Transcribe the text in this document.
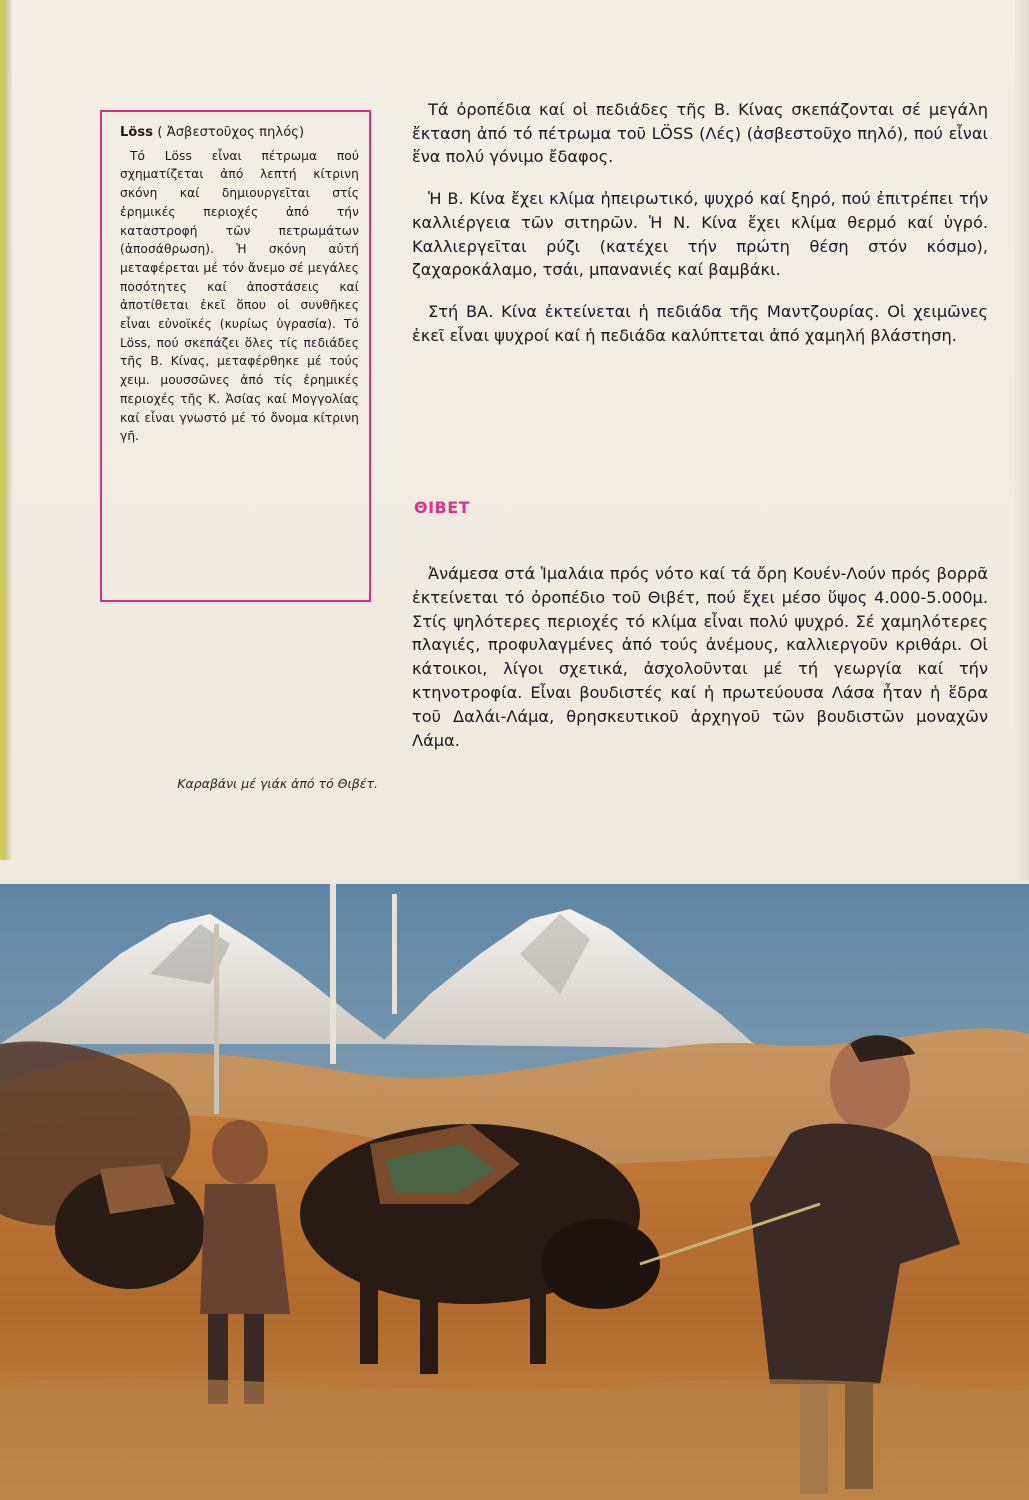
Löss ( Ἀσβεστοῦχος πηλός)

Τό Löss εἶναι πέτρωμα πού σχηματίζεται ἀπό λεπτή κίτρινη σκόνη καί δημιουργεῖται στίς ἐρημικές περιοχές ἀπό τήν καταστροφή τῶν πετρωμάτων (ἀποσάθρωση). Ἡ σκόνη αὐτή μεταφέρεται μέ τόν ἄνεμο σέ μεγάλες ποσότητες καί ἀποστάσεις καί ἀποτίθεται ἐκεῖ ὅπου οἱ συνθῆκες εἶναι εὐνοϊκές (κυρίως ὑγρασία). Τό Löss, πού σκεπάζει ὅλες τίς πεδιάδες τῆς Β. Κίνας, μεταφέρθηκε μέ τούς χειμ. μουσσῶνες ἀπό τίς ἐρημικές περιοχές τῆς Κ. Ἀσίας καί Μογγολίας καί εἶναι γνωστό μέ τό ὄνομα κίτρινη γῆ.

Καραβάνι μέ γιάκ ἀπό τό Θιβέτ.

Τά ὀροπέδια καί οἱ πεδιάδες τῆς Β. Κίνας σκεπάζονται σέ μεγάλη ἔκταση ἀπό τό πέτρωμα τοῦ LÖSS (Λές) (ἀσβεστοῦχο πηλό), πού εἶναι ἕνα πολύ γόνιμο ἔδαφος.

Ἡ Β. Κίνα ἔχει κλίμα ἠπειρωτικό, ψυχρό καί ξηρό, πού ἐπιτρέπει τήν καλλιέργεια τῶν σιτηρῶν. Ἡ Ν. Κίνα ἔχει κλίμα θερμό καί ὑγρό. Καλλιεργεῖται ρύζι (κατέχει τήν πρώτη θέση στόν κόσμο), ζαχαροκάλαμο, τσάι, μπανανιές καί βαμβάκι.

Στή ΒΑ. Κίνα ἐκτείνεται ἡ πεδιάδα τῆς Μαντζουρίας. Οἱ χειμῶνες ἐκεῖ εἶναι ψυχροί καί ἡ πεδιάδα καλύπτεται ἀπό χαμηλή βλάστηση.

ΘΙΒΕΤ

Ἀνάμεσα στά Ἱμαλάια πρός νότο καί τά ὄρη Κουέν-Λούν πρός βορρᾶ ἐκτείνεται τό ὀροπέδιο τοῦ Θιβέτ, πού ἔχει μέσο ὕψος 4.000-5.000μ. Στίς ψηλότερες περιοχές τό κλίμα εἶναι πολύ ψυχρό. Σέ χαμηλότερες πλαγιές, προφυλαγμένες ἀπό τούς ἀνέμους, καλλιεργοῦν κριθάρι. Οἱ κάτοικοι, λίγοι σχετικά, ἀσχολοῦνται μέ τή γεωργία καί τήν κτηνοτροφία. Εἶναι βουδιστές καί ἡ πρωτεύουσα Λάσα ἦταν ἡ ἕδρα τοῦ Δαλάι-Λάμα, θρησκευτικοῦ ἀρχηγοῦ τῶν βουδιστῶν μοναχῶν Λάμα.
